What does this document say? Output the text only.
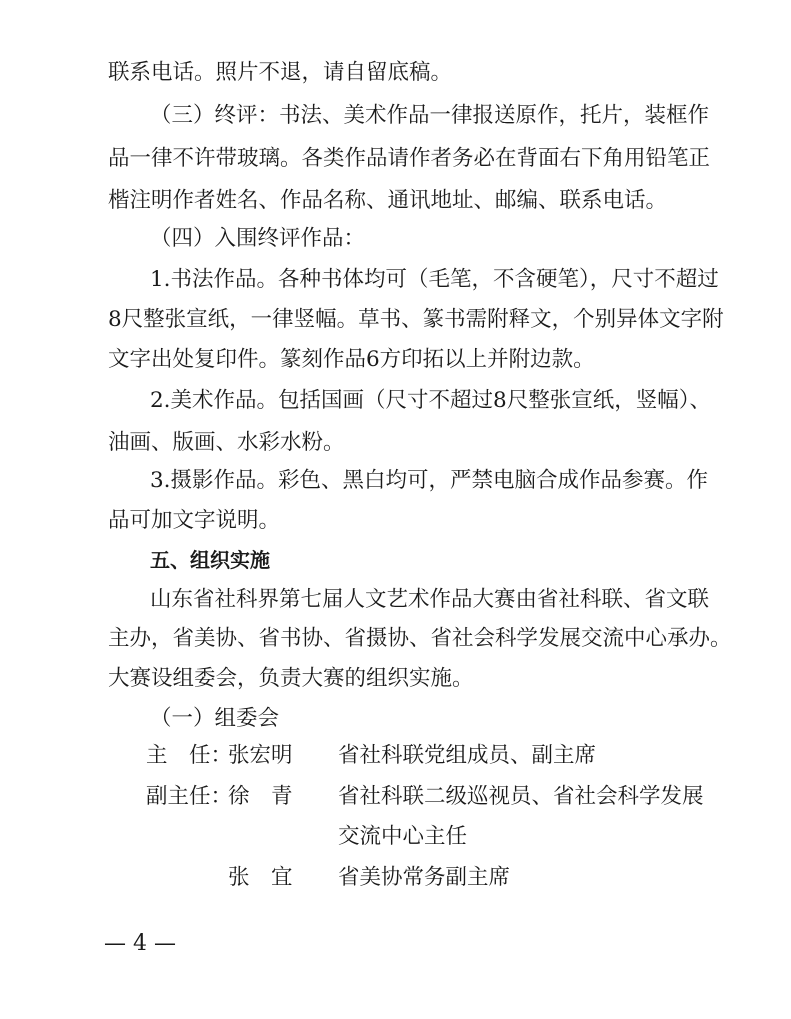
联系电话。照片不退，请自留底稿。
（三）终评：书法、美术作品一律报送原作，托片，装框作
品一律不许带玻璃。各类作品请作者务必在背面右下角用铅笔正
楷注明作者姓名、作品名称、通讯地址、邮编、联系电话。
（四）入围终评作品：
1.书法作品。各种书体均可（毛笔，不含硬笔），尺寸不超过
8尺整张宣纸，一律竖幅。草书、篆书需附释文，个别异体文字附
文字出处复印件。篆刻作品6方印拓以上并附边款。
2.美术作品。包括国画（尺寸不超过8尺整张宣纸，竖幅）、
油画、版画、水彩水粉。
3.摄影作品。彩色、黑白均可，严禁电脑合成作品参赛。作
品可加文字说明。
五、组织实施
山东省社科界第七届人文艺术作品大赛由省社科联、省文联
主办，省美协、省书协、省摄协、省社会科学发展交流中心承办。
大赛设组委会，负责大赛的组织实施。
（一）组委会
主　任：
张宏明 省社科联党组成员、副主席
副主任：
徐　青 省社科联二级巡视员、省社会科学发展
交流中心主任
张　宜 省美协常务副主席
— 4 —
